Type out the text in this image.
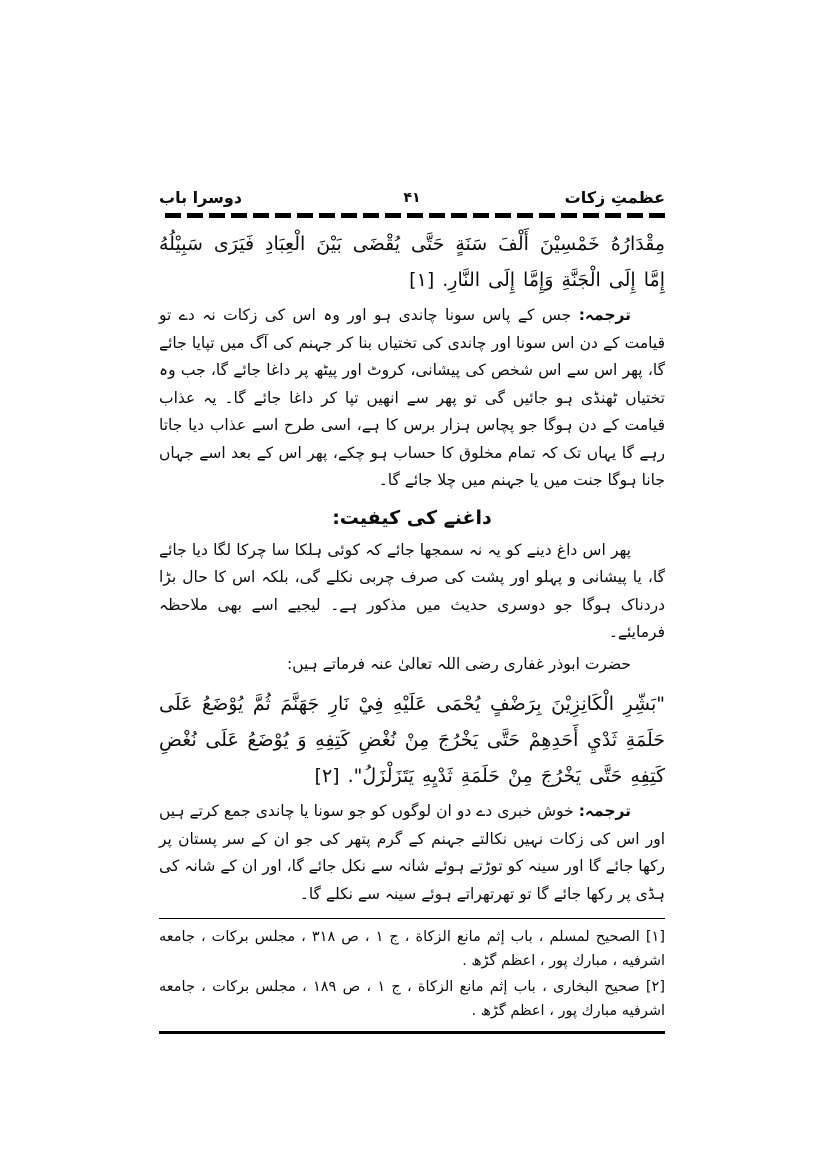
عظمتِ زکات
۴۱
دوسرا باب

مِقْدَارُهُ خَمْسِيْنَ أَلْفَ سَنَةٍ حَتَّى يُقْضَى بَيْنَ الْعِبَادِ فَيَرَى سَبِيْلُهُ إِمَّا إِلَى الْجَنَّةِ وَإِمَّا إِلَى النَّارِ. [۱]

ترجمہ: جس کے پاس سونا چاندی ہو اور وہ اس کی زکات نہ دے تو قیامت کے دن اس سونا اور چاندی کی تختیاں بنا کر جہنم کی آگ میں تپایا جائے گا، پھر اس سے اس شخص کی پیشانی، کروٹ اور پیٹھ پر داغا جائے گا، جب وہ تختیاں ٹھنڈی ہو جائیں گی تو پھر سے انھیں تپا کر داغا جائے گا۔ یہ عذاب قیامت کے دن ہوگا جو پچاس ہزار برس کا ہے، اسی طرح اسے عذاب دیا جاتا رہے گا یہاں تک کہ تمام مخلوق کا حساب ہو چکے، پھر اس کے بعد اسے جہاں جانا ہوگا جنت میں یا جہنم میں چلا جائے گا۔

داغنے کی کیفیت:

پھر اس داغ دینے کو یہ نہ سمجھا جائے کہ کوئی ہلکا سا چرکا لگا دیا جائے گا، یا پیشانی و پہلو اور پشت کی صرف چربی نکلے گی، بلکہ اس کا حال بڑا دردناک ہوگا جو دوسری حدیث میں مذکور ہے۔ لیجیے اسے بھی ملاحظہ فرمایئے۔

حضرت ابوذر غفاری رضی اللہ تعالیٰ عنہ فرماتے ہیں:

"بَشِّرِ الْكَانِزِيْنَ بِرَضْفٍ يُحْمَى عَلَيْهِ فِيْ نَارِ جَهَنَّمَ ثُمَّ يُوْضَعُ عَلَى حَلَمَةِ ثَدْيِ أَحَدِهِمْ حَتَّى يَخْرُجَ مِنْ نُغْضِ كَتِفِهِ وَ يُوْضَعُ عَلَى نُغْضِ كَتِفِهِ حَتَّى يَخْرُجَ مِنْ حَلَمَةِ ثَدْيِهِ يَتَزَلْزَلُ". [۲]

ترجمہ: خوش خبری دے دو ان لوگوں کو جو سونا یا چاندی جمع کرتے ہیں اور اس کی زکات نہیں نکالتے جہنم کے گرم پتھر کی جو ان کے سر پستان پر رکھا جائے گا اور سینہ کو توڑتے ہوئے شانہ سے نکل جائے گا، اور ان کے شانہ کی ہڈی پر رکھا جائے گا تو تھرتھراتے ہوئے سینہ سے نکلے گا۔

[۱] الصحيح لمسلم ، باب إثم مانع الزكاة ، ج ۱ ، ص ۳۱۸ ، مجلس بركات ، جامعه اشرفيه ، مبارك پور ، اعظم گڑھ .

[۲] صحيح البخارى ، باب إثم مانع الزكاة ، ج ۱ ، ص ۱۸۹ ، مجلس بركات ، جامعه اشرفيه مبارك پور ، اعظم گڑھ .
